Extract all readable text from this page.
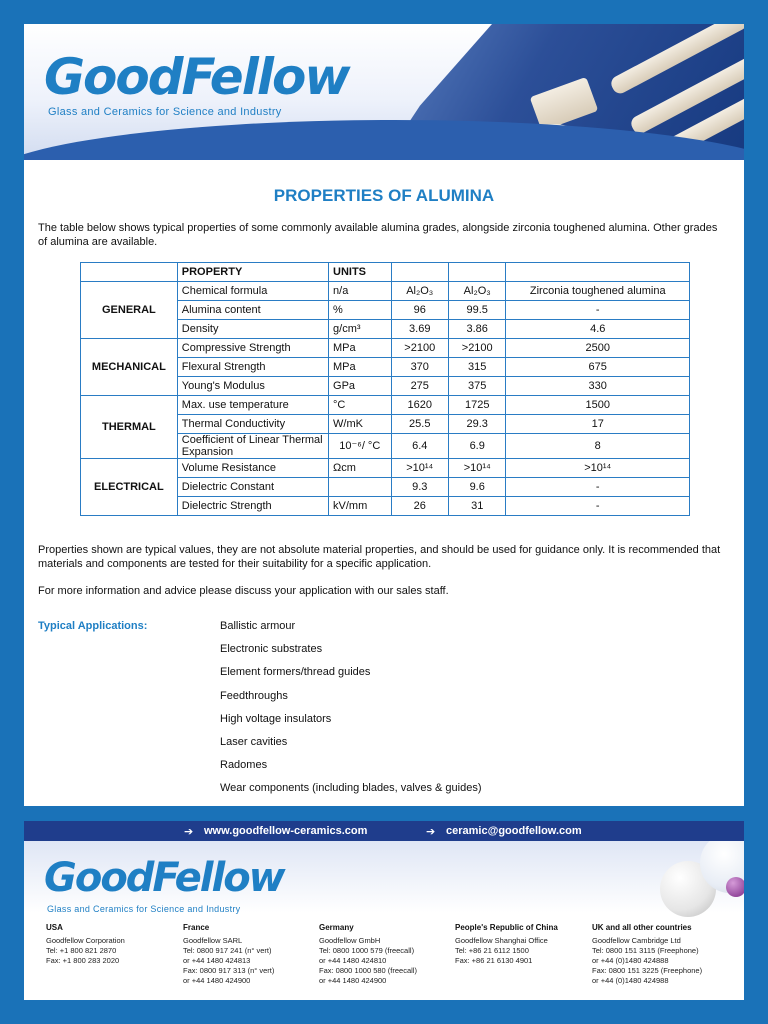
GoodFellow
Glass and Ceramics for Science and Industry
PROPERTIES OF ALUMINA
The table below shows typical properties of some commonly available alumina grades, alongside zirconia toughened alumina. Other grades of alumina are available.
	PROPERTY	UNITS			
GENERAL	Chemical formula	n/a	Al₂O₃	Al₂O₃	Zirconia toughened alumina
	Alumina content	%	96	99.5	-
	Density	g/cm³	3.69	3.86	4.6
MECHANICAL	Compressive Strength	MPa	>2100	>2100	2500
	Flexural Strength	MPa	370	315	675
	Young's Modulus	GPa	275	375	330
THERMAL	Max. use temperature	°C	1620	1725	1500
	Thermal Conductivity	W/mK	25.5	29.3	17
	Coefficient of Linear Thermal Expansion	10⁻⁶/ °C	6.4	6.9	8
ELECTRICAL	Volume Resistance	Ωcm	>10¹⁴	>10¹⁴	>10¹⁴
	Dielectric Constant		9.3	9.6	-
	Dielectric Strength	kV/mm	26	31	-
Properties shown are typical values, they are not absolute material properties, and should be used for guidance only. It is recommended that materials and components are tested for their suitability for a specific application.
For more information and advice please discuss your application with our sales staff.
Typical Applications:	Ballistic armour
Electronic substrates
Element formers/thread guides
Feedthroughs
High voltage insulators
Laser cavities
Radomes
Wear components (including blades, valves & guides)
➔ www.goodfellow-ceramics.com	➔ ceramic@goodfellow.com
GoodFellow
Glass and Ceramics for Science and Industry
USA
Goodfellow Corporation
Tel: +1 800 821 2870
Fax: +1 800 283 2020
France
Goodfellow SARL
Tel: 0800 917 241 (n° vert)
or +44 1480 424813
Fax: 0800 917 313 (n° vert)
or +44 1480 424900
Germany
Goodfellow GmbH
Tel: 0800 1000 579 (freecall)
or +44 1480 424810
Fax: 0800 1000 580 (freecall)
or +44 1480 424900
People's Republic of China
Goodfellow Shanghai Office
Tel: +86 21 6112 1500
Fax: +86 21 6130 4901
UK and all other countries
Goodfellow Cambridge Ltd
Tel: 0800 151 3115 (Freephone)
or +44 (0)1480 424888
Fax: 0800 151 3225 (Freephone)
or +44 (0)1480 424988
